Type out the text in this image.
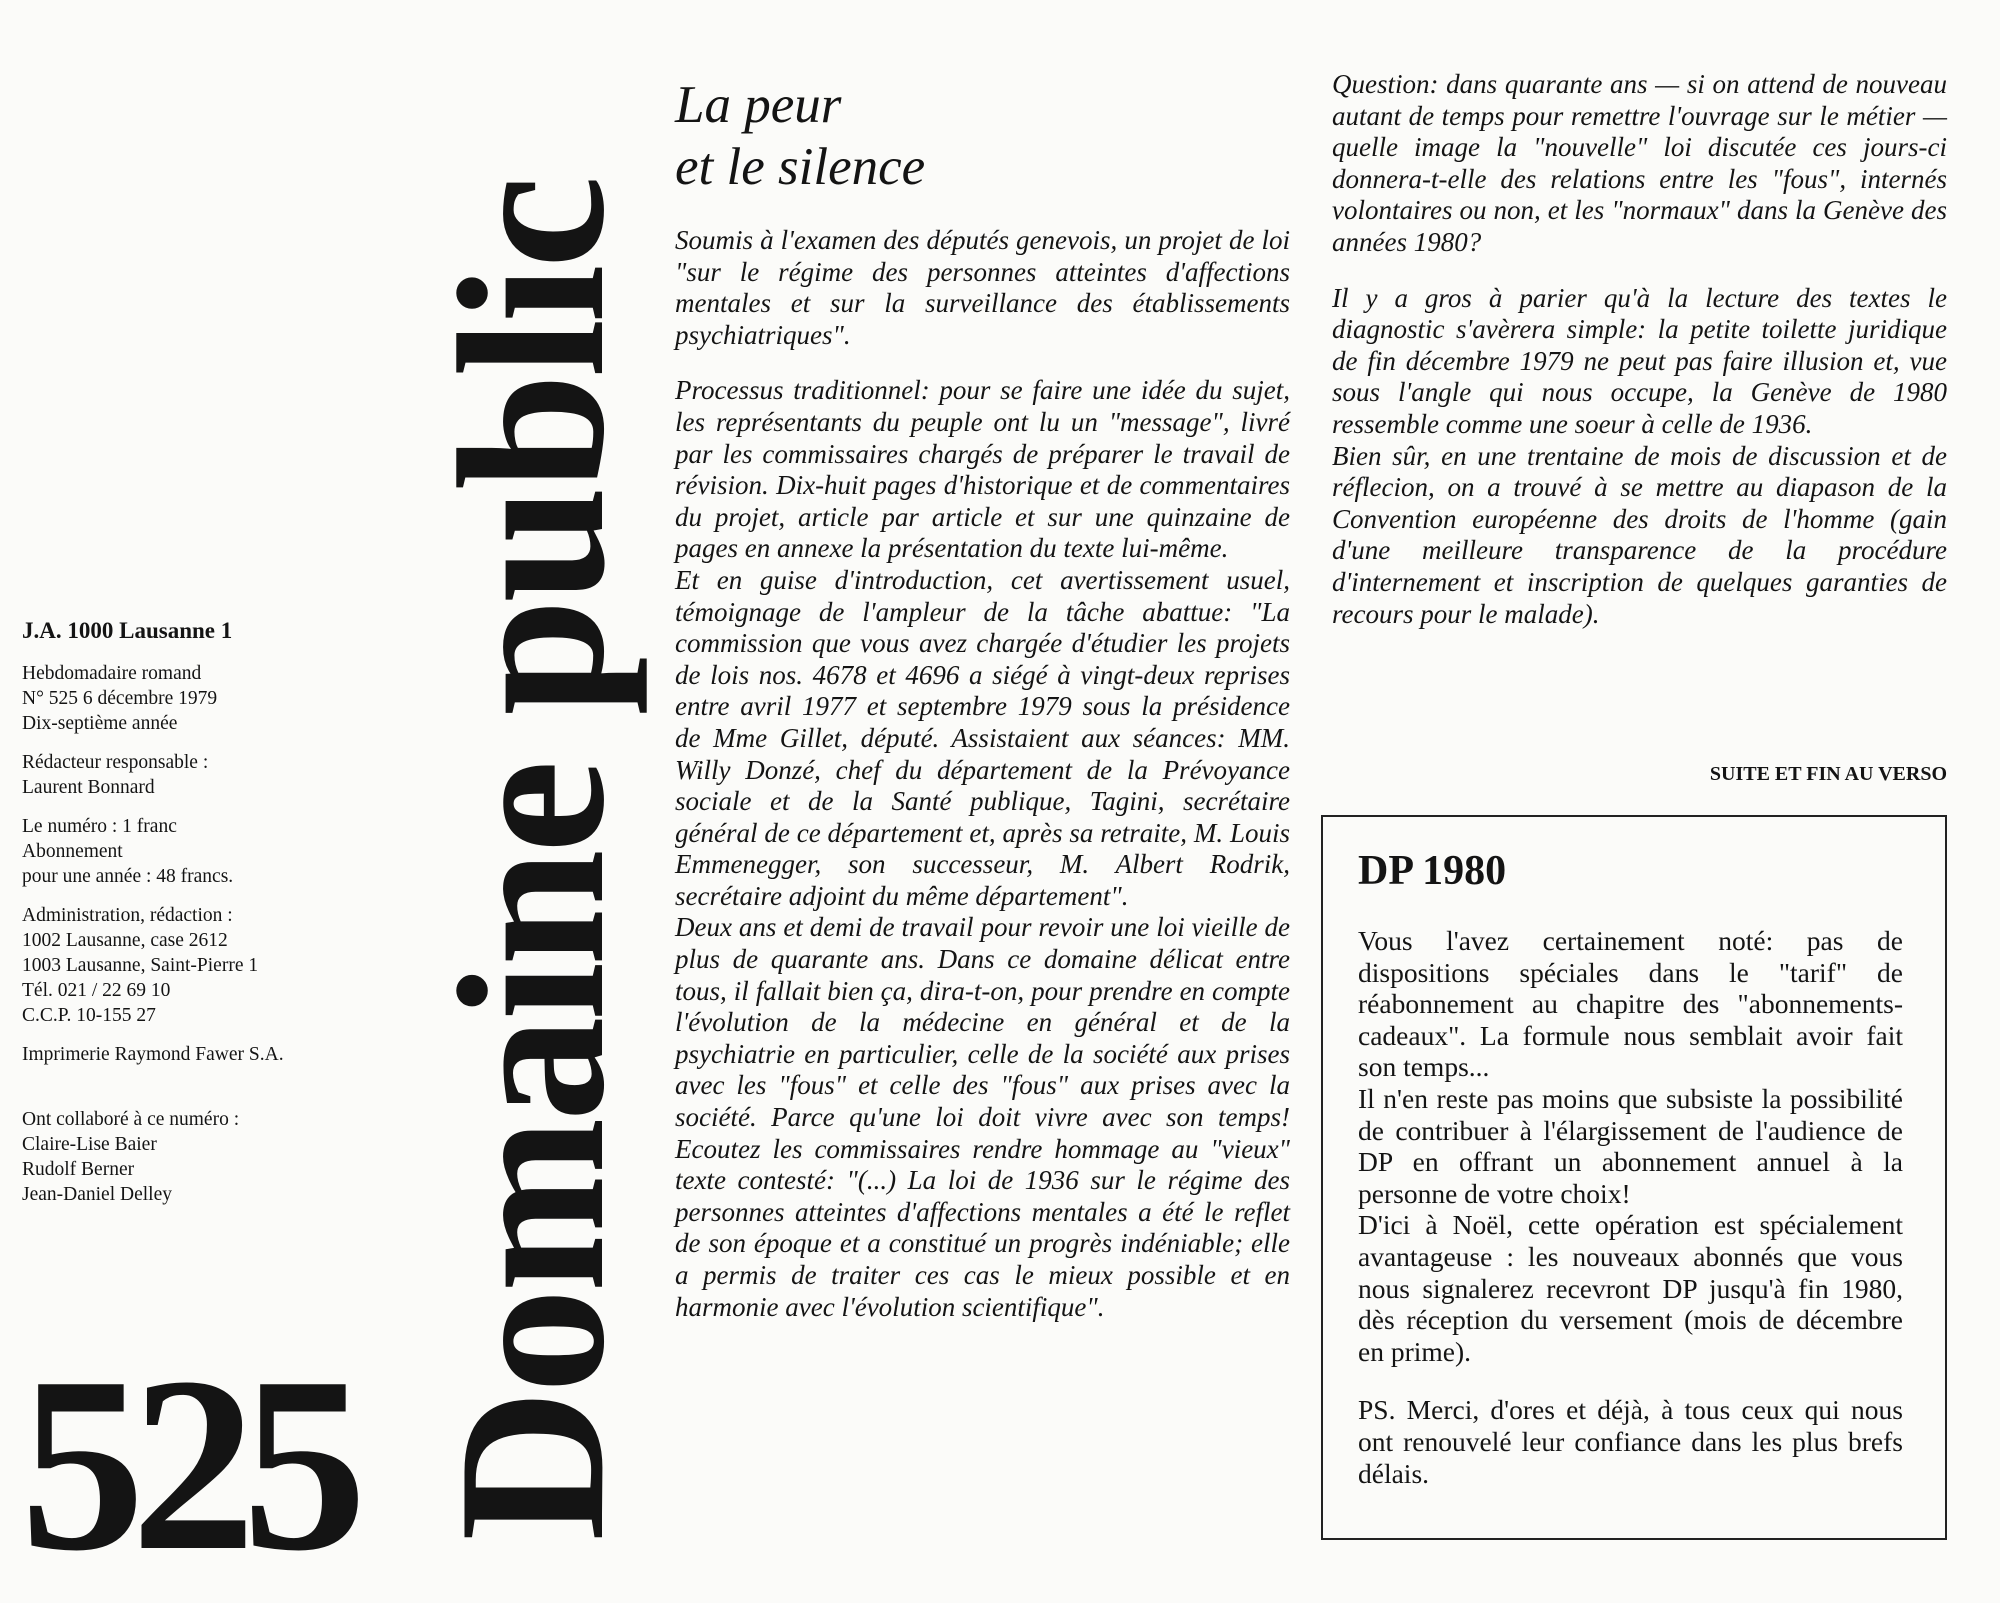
J.A. 1000 Lausanne 1
Hebdomadaire romand
N° 525 6 décembre 1979
Dix-septième année
Rédacteur responsable :
Laurent Bonnard
Le numéro : 1 franc
Abonnement
pour une année : 48 francs.
Administration, rédaction :
1002 Lausanne, case 2612
1003 Lausanne, Saint-Pierre 1
Tél. 021 / 22 69 10
C.C.P. 10-155 27
Imprimerie Raymond Fawer S.A.
Ont collaboré à ce numéro :
Claire-Lise Baier
Rudolf Berner
Jean-Daniel Delley
525 Domaine public
La peur
et le silence

Soumis à l'examen des députés genevois, un projet de loi "sur le régime des personnes atteintes d'affections mentales et sur la surveillance des établissements psychiatriques".

Processus traditionnel: pour se faire une idée du sujet, les représentants du peuple ont lu un "message", livré par les commissaires chargés de préparer le travail de révision. Dix-huit pages d'historique et de commentaires du projet, article par article et sur une quinzaine de pages en annexe la présentation du texte lui-même.

Et en guise d'introduction, cet avertissement usuel, témoignage de l'ampleur de la tâche abattue: "La commission que vous avez chargée d'étudier les projets de lois nos. 4678 et 4696 a siégé à vingt-deux reprises entre avril 1977 et septembre 1979 sous la présidence de Mme Gillet, député. Assistaient aux séances: MM. Willy Donzé, chef du département de la Prévoyance sociale et de la Santé publique, Tagini, secrétaire général de ce département et, après sa retraite, M. Louis Emmenegger, son successeur, M. Albert Rodrik, secrétaire adjoint du même département".

Deux ans et demi de travail pour revoir une loi vieille de plus de quarante ans. Dans ce domaine délicat entre tous, il fallait bien ça, dira-t-on, pour prendre en compte l'évolution de la médecine en général et de la psychiatrie en particulier, celle de la société aux prises avec les "fous" et celle des "fous" aux prises avec la société. Parce qu'une loi doit vivre avec son temps! Ecoutez les commissaires rendre hommage au "vieux" texte contesté: "(...) La loi de 1936 sur le régime des personnes atteintes d'affections mentales a été le reflet de son époque et a constitué un progrès indéniable; elle a permis de traiter ces cas le mieux possible et en harmonie avec l'évolution scientifique".

Question: dans quarante ans — si on attend de nouveau autant de temps pour remettre l'ouvrage sur le métier — quelle image la "nouvelle" loi discutée ces jours-ci donnera-t-elle des relations entre les "fous", internés volontaires ou non, et les "normaux" dans la Genève des années 1980?

Il y a gros à parier qu'à la lecture des textes le diagnostic s'avèrera simple: la petite toilette juridique de fin décembre 1979 ne peut pas faire illusion et, vue sous l'angle qui nous occupe, la Genève de 1980 ressemble comme une soeur à celle de 1936.

Bien sûr, en une trentaine de mois de discussion et de réflecion, on a trouvé à se mettre au diapason de la Convention européenne des droits de l'homme (gain d'une meilleure transparence de la procédure d'internement et inscription de quelques garanties de recours pour le malade).

SUITE ET FIN AU VERSO
DP 1980

Vous l'avez certainement noté: pas de dispositions spéciales dans le "tarif" de réabonnement au chapitre des "abonnements-cadeaux". La formule nous semblait avoir fait son temps...

Il n'en reste pas moins que subsiste la possibilité de contribuer à l'élargissement de l'audience de DP en offrant un abonnement annuel à la personne de votre choix!

D'ici à Noël, cette opération est spécialement avantageuse : les nouveaux abonnés que vous nous signalerez recevront DP jusqu'à fin 1980, dès réception du versement (mois de décembre en prime).

PS. Merci, d'ores et déjà, à tous ceux qui nous ont renouvelé leur confiance dans les plus brefs délais.
